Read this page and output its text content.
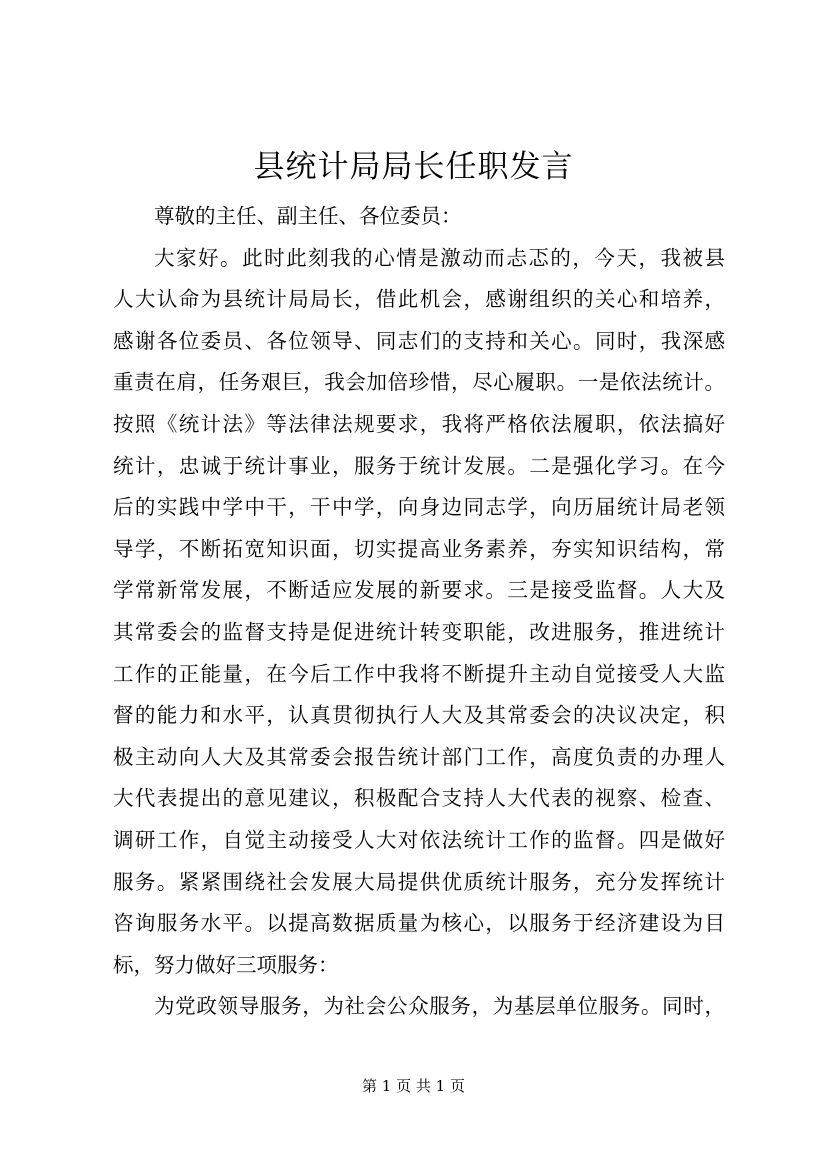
县统计局局长任职发言
尊敬的主任、副主任、各位委员：
大家好。此时此刻我的心情是激动而忐忑的，今天，我被县
人大认命为县统计局局长，借此机会，感谢组织的关心和培养，
感谢各位委员、各位领导、同志们的支持和关心。同时，我深感
重责在肩，任务艰巨，我会加倍珍惜，尽心履职。一是依法统计。
按照《统计法》等法律法规要求，我将严格依法履职，依法搞好
统计，忠诚于统计事业，服务于统计发展。二是强化学习。在今
后的实践中学中干，干中学，向身边同志学，向历届统计局老领
导学，不断拓宽知识面，切实提高业务素养，夯实知识结构，常
学常新常发展，不断适应发展的新要求。三是接受监督。人大及
其常委会的监督支持是促进统计转变职能，改进服务，推进统计
工作的正能量，在今后工作中我将不断提升主动自觉接受人大监
督的能力和水平，认真贯彻执行人大及其常委会的决议决定，积
极主动向人大及其常委会报告统计部门工作，高度负责的办理人
大代表提出的意见建议，积极配合支持人大代表的视察、检查、
调研工作，自觉主动接受人大对依法统计工作的监督。四是做好
服务。紧紧围绕社会发展大局提供优质统计服务，充分发挥统计
咨询服务水平。以提高数据质量为核心，以服务于经济建设为目
标，努力做好三项服务：
为党政领导服务，为社会公众服务，为基层单位服务。同时，
第 1 页 共 1 页
